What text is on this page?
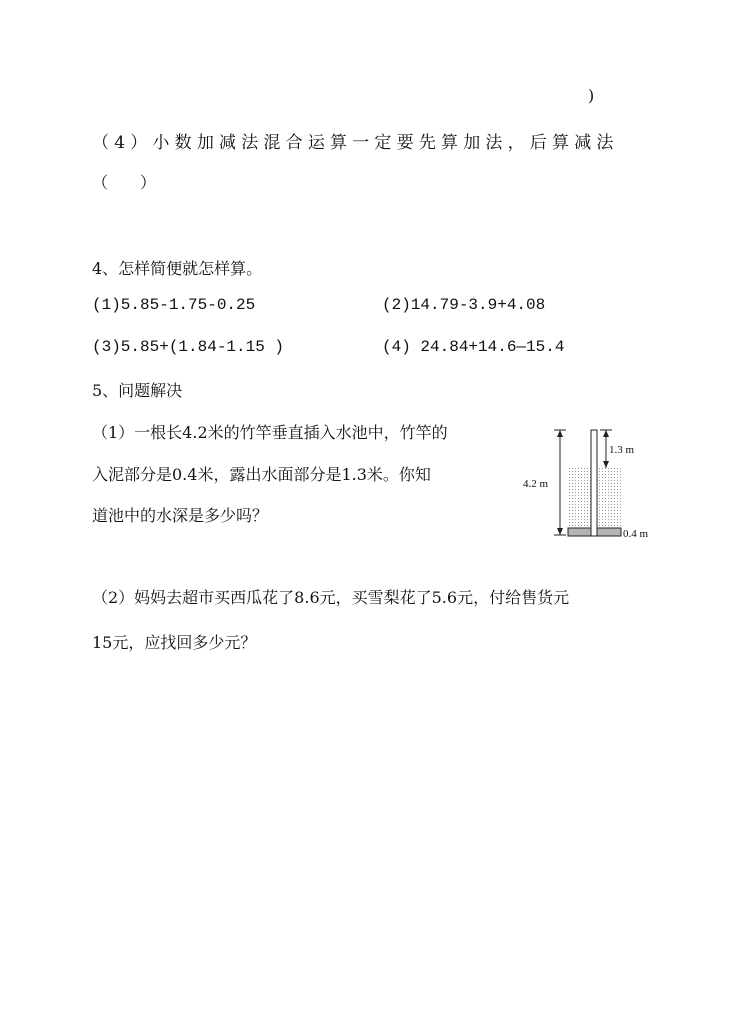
)
（4）小数加减法混合运算一定要先算加法，后算减法
（　　）
4、怎样简便就怎样算。
(1)5.85-1.75-0.25	(2)14.79-3.9+4.08
(3)5.85+(1.84-1.15 )	(4) 24.84+14.6—15.4
5、问题解决
（1）一根长4.2米的竹竿垂直插入水池中，竹竿的
入泥部分是0.4米，露出水面部分是1.3米。你知
道池中的水深是多少吗？
1.3 m
4.2 m
0.4 m
（2）妈妈去超市买西瓜花了8.6元，买雪梨花了5.6元，付给售货元
15元，应找回多少元？
